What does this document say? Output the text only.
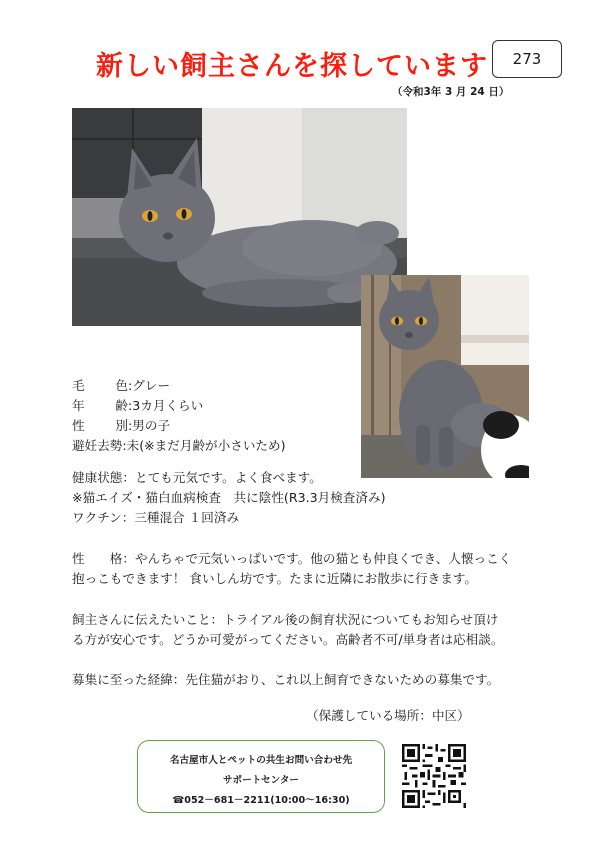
新しい飼主さんを探しています 273
（令和3年 3 月 24 日）
毛　　色 : グレー
年　　齢 : 3カ月くらい
性　　別 : 男の子
避妊去勢 : 未(※まだ月齢が小さいため)
健康状態：とても元気です。よく食べます。
※猫エイズ・猫白血病検査　共に陰性(R3.3月検査済み)
ワクチン：三種混合 １回済み
性　　格：やんちゃで元気いっぱいです。他の猫とも仲良くでき、人懐っこく
抱っこもできます！ 食いしん坊です。たまに近隣にお散歩に行きます。
飼主さんに伝えたいこと：トライアル後の飼育状況についてもお知らせ頂け
る方が安心です。どうか可愛がってください。高齢者不可/単身者は応相談。
募集に至った経緯：先住猫がおり、これ以上飼育できないための募集です。
（保護している場所：中区）
名古屋市人とペットの共生お問い合わせ先
サポートセンター
☎052－681－2211(10:00～16:30)
